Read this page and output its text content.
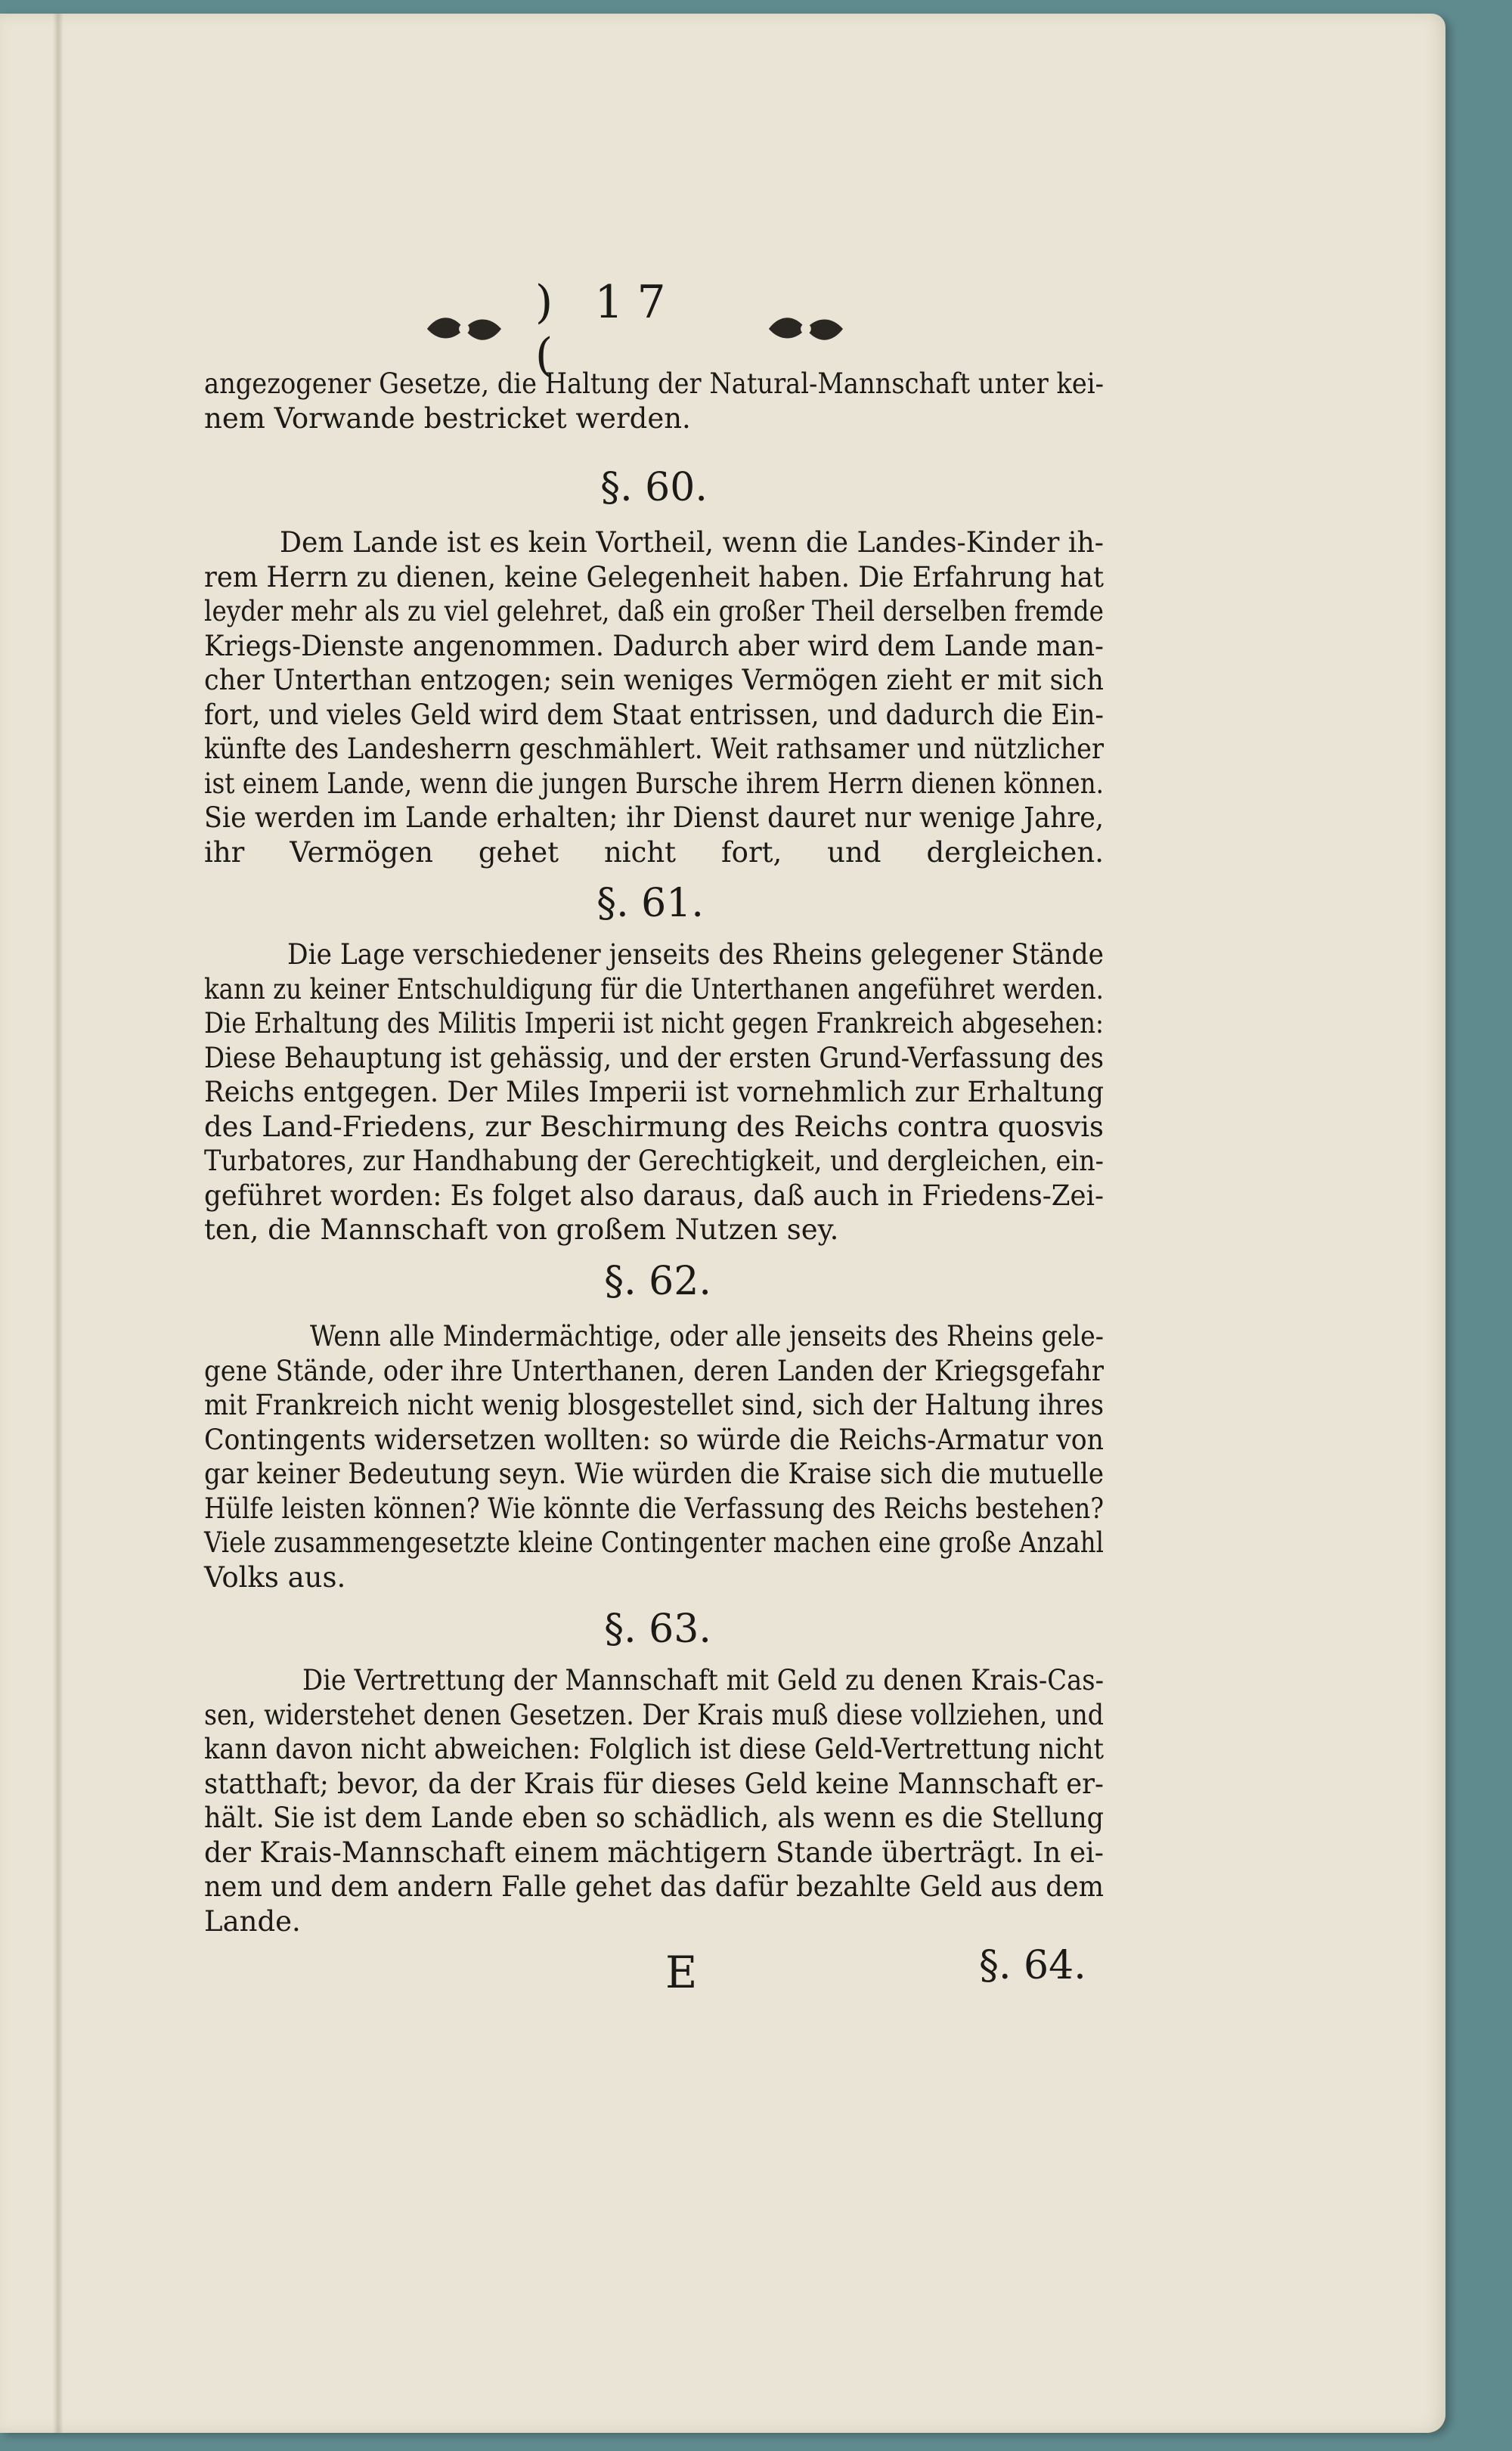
) 17 (
angezogener Gesetze, die Haltung der Natural-Mannschaft unter kei-
nem Vorwande bestricket werden.
§. 60.
Dem Lande ist es kein Vortheil, wenn die Landes-Kinder ih-
rem Herrn zu dienen, keine Gelegenheit haben. Die Erfahrung hat
leyder mehr als zu viel gelehret, daß ein großer Theil derselben fremde
Kriegs-Dienste angenommen. Dadurch aber wird dem Lande man-
cher Unterthan entzogen; sein weniges Vermögen zieht er mit sich
fort, und vieles Geld wird dem Staat entrissen, und dadurch die Ein-
künfte des Landesherrn geschmählert. Weit rathsamer und nützlicher
ist einem Lande, wenn die jungen Bursche ihrem Herrn dienen können.
Sie werden im Lande erhalten; ihr Dienst dauret nur wenige Jahre,
ihr Vermögen gehet nicht fort, und dergleichen.
§. 61.
Die Lage verschiedener jenseits des Rheins gelegener Stände
kann zu keiner Entschuldigung für die Unterthanen angeführet werden.
Die Erhaltung des Militis Imperii ist nicht gegen Frankreich abgesehen:
Diese Behauptung ist gehässig, und der ersten Grund-Verfassung des
Reichs entgegen. Der Miles Imperii ist vornehmlich zur Erhaltung
des Land-Friedens, zur Beschirmung des Reichs contra quosvis
Turbatores, zur Handhabung der Gerechtigkeit, und dergleichen, ein-
geführet worden: Es folget also daraus, daß auch in Friedens-Zei-
ten, die Mannschaft von großem Nutzen sey.
§. 62.
Wenn alle Mindermächtige, oder alle jenseits des Rheins gele-
gene Stände, oder ihre Unterthanen, deren Landen der Kriegsgefahr
mit Frankreich nicht wenig blosgestellet sind, sich der Haltung ihres
Contingents widersetzen wollten: so würde die Reichs-Armatur von
gar keiner Bedeutung seyn. Wie würden die Kraise sich die mutuelle
Hülfe leisten können? Wie könnte die Verfassung des Reichs bestehen?
Viele zusammengesetzte kleine Contingenter machen eine große Anzahl
Volks aus.
§. 63.
Die Vertrettung der Mannschaft mit Geld zu denen Krais-Cas-
sen, widerstehet denen Gesetzen. Der Krais muß diese vollziehen, und
kann davon nicht abweichen: Folglich ist diese Geld-Vertrettung nicht
statthaft; bevor, da der Krais für dieses Geld keine Mannschaft er-
hält. Sie ist dem Lande eben so schädlich, als wenn es die Stellung
der Krais-Mannschaft einem mächtigern Stande überträgt. In ei-
nem und dem andern Falle gehet das dafür bezahlte Geld aus dem
Lande.
E	§. 64.
